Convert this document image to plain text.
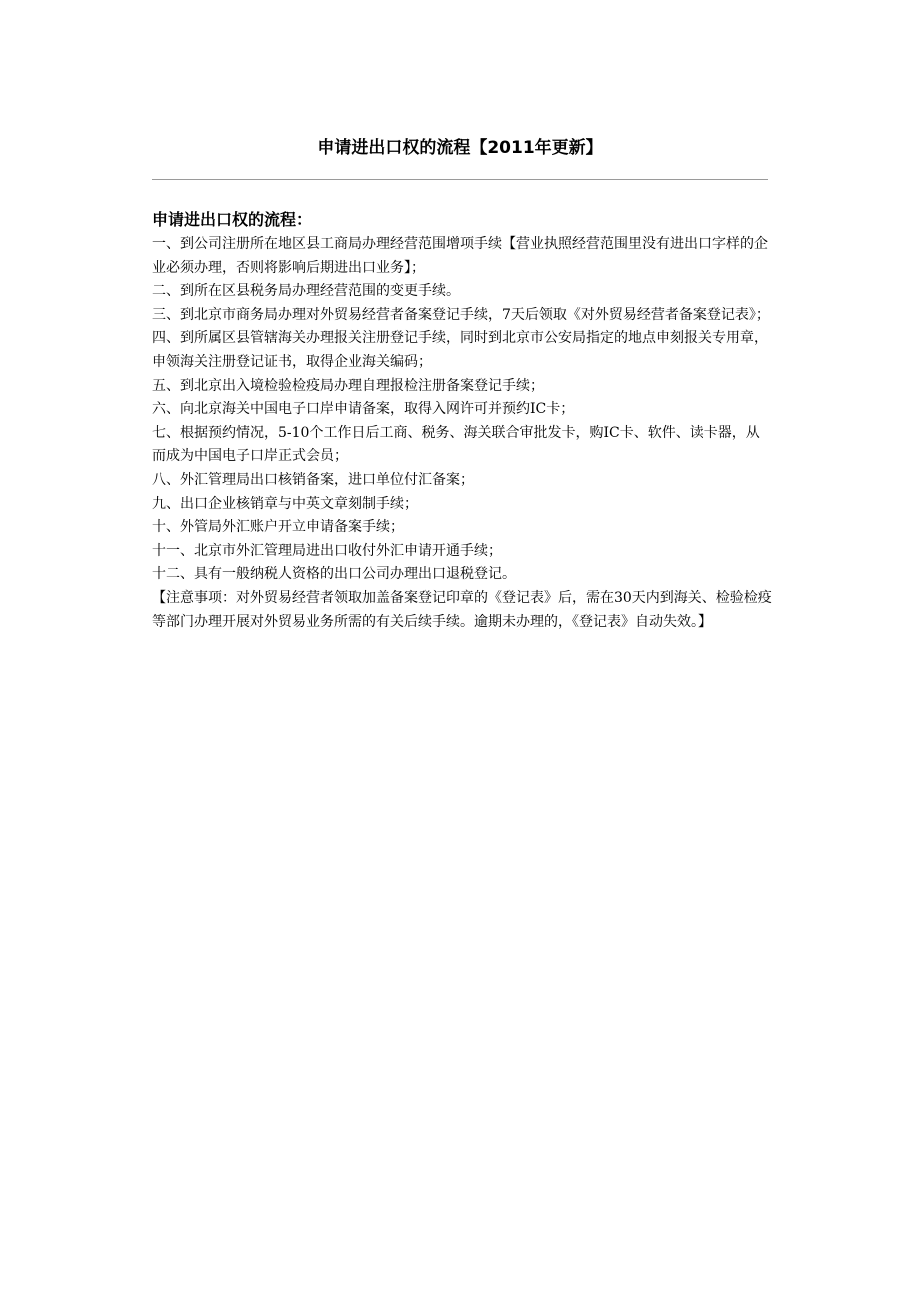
申请进出口权的流程【2011年更新】
申请进出口权的流程：
一、到公司注册所在地区县工商局办理经营范围增项手续【营业执照经营范围里没有进出口字样的企业必须办理，否则将影响后期进出口业务】；
二、到所在区县税务局办理经营范围的变更手续。
三、到北京市商务局办理对外贸易经营者备案登记手续，7天后领取《对外贸易经营者备案登记表》；
四、到所属区县管辖海关办理报关注册登记手续，同时到北京市公安局指定的地点申刻报关专用章，申领海关注册登记证书，取得企业海关编码；
五、到北京出入境检验检疫局办理自理报检注册备案登记手续；
六、向北京海关中国电子口岸申请备案，取得入网许可并预约IC卡；
七、根据预约情况，5-10个工作日后工商、税务、海关联合审批发卡，购IC卡、软件、读卡器，从而成为中国电子口岸正式会员；
八、外汇管理局出口核销备案，进口单位付汇备案；
九、出口企业核销章与中英文章刻制手续；
十、外管局外汇账户开立申请备案手续；
十一、北京市外汇管理局进出口收付外汇申请开通手续；
十二、具有一般纳税人资格的出口公司办理出口退税登记。

【注意事项：对外贸易经营者领取加盖备案登记印章的《登记表》后，需在30天内到海关、检验检疫等部门办理开展对外贸易业务所需的有关后续手续。逾期未办理的，《登记表》自动失效。】
